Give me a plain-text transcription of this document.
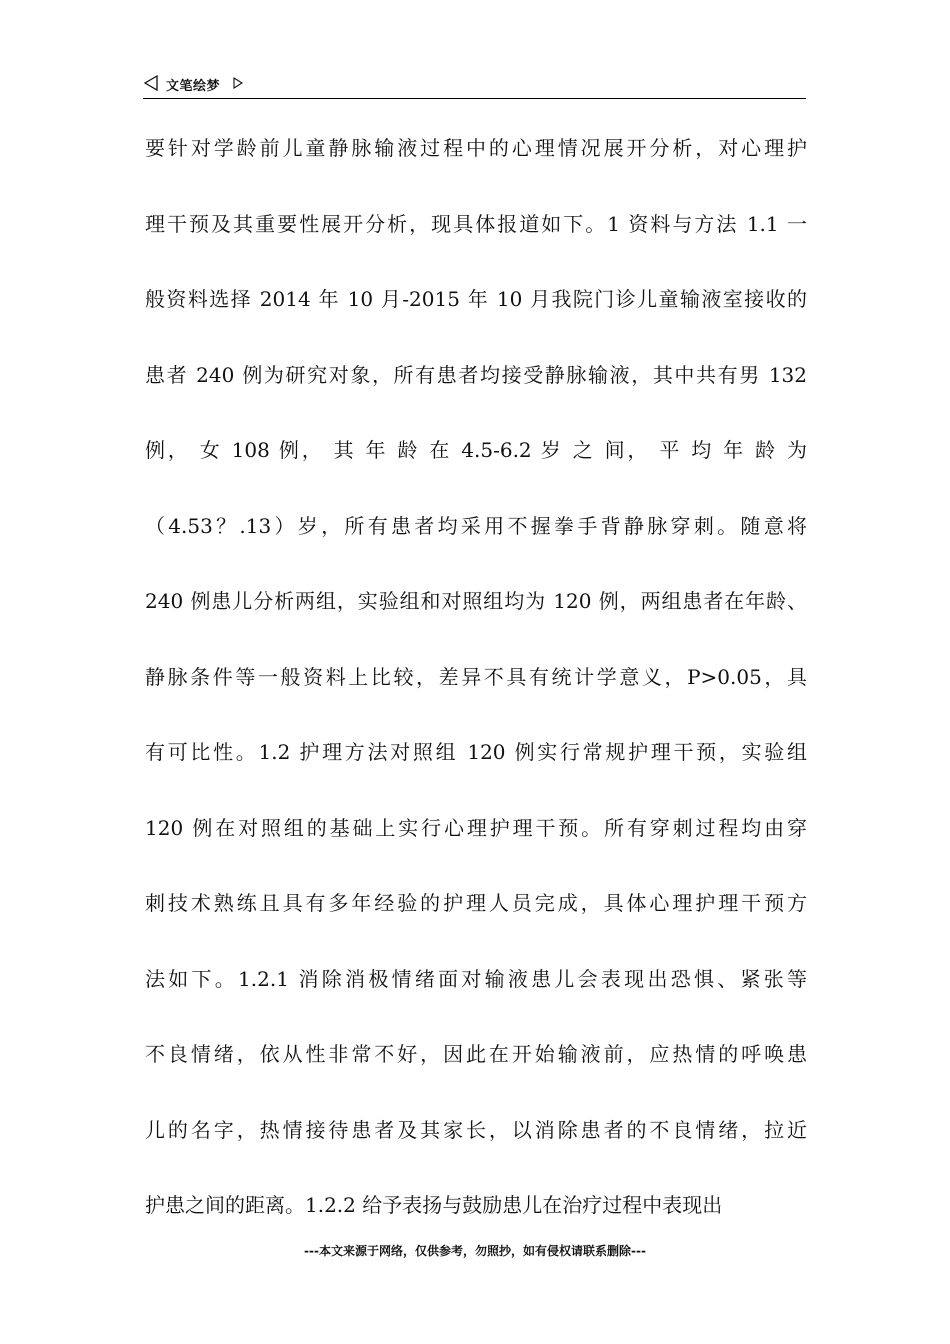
文笔绘梦
要针对学龄前儿童静脉输液过程中的心理情况展开分析，对心理护
理干预及其重要性展开分析，现具体报道如下。1 资料与方法 1.1 一
般资料选择 2014 年 10 月-2015 年 10 月我院门诊儿童输液室接收的
患者 240 例为研究对象，所有患者均接受静脉输液，其中共有男 132
例， 女 108 例， 其 年 龄 在 4.5-6.2 岁 之 间， 平 均 年 龄 为
（4.53？.13）岁，所有患者均采用不握拳手背静脉穿刺。随意将
240 例患儿分析两组，实验组和对照组均为 120 例，两组患者在年龄、
静脉条件等一般资料上比较，差异不具有统计学意义，P>0.05，具
有可比性。1.2 护理方法对照组 120 例实行常规护理干预，实验组
120 例在对照组的基础上实行心理护理干预。所有穿刺过程均由穿
刺技术熟练且具有多年经验的护理人员完成，具体心理护理干预方
法如下。1.2.1 消除消极情绪面对输液患儿会表现出恐惧、紧张等
不良情绪，依从性非常不好，因此在开始输液前，应热情的呼唤患
儿的名字，热情接待患者及其家长，以消除患者的不良情绪，拉近
护患之间的距离。1.2.2 给予表扬与鼓励患儿在治疗过程中表现出
---本文来源于网络，仅供参考，勿照抄，如有侵权请联系删除---
